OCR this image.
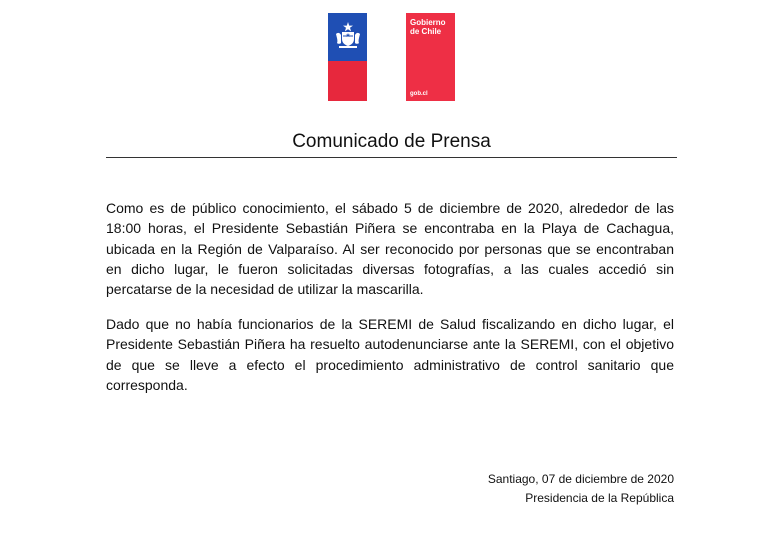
Gobierno de Chile
gob.cl
Comunicado de Prensa

Como es de público conocimiento, el sábado 5 de diciembre de 2020, alrededor de las 18:00 horas, el Presidente Sebastián Piñera se encontraba en la Playa de Cachagua, ubicada en la Región de Valparaíso. Al ser reconocido por personas que se encontraban en dicho lugar, le fueron solicitadas diversas fotografías, a las cuales accedió sin percatarse de la necesidad de utilizar la mascarilla.

Dado que no había funcionarios de la SEREMI de Salud fiscalizando en dicho lugar, el Presidente Sebastián Piñera ha resuelto autodenunciarse ante la SEREMI, con el objetivo de que se lleve a efecto el procedimiento administrativo de control sanitario que corresponda.

Santiago, 07 de diciembre de 2020
Presidencia de la República
